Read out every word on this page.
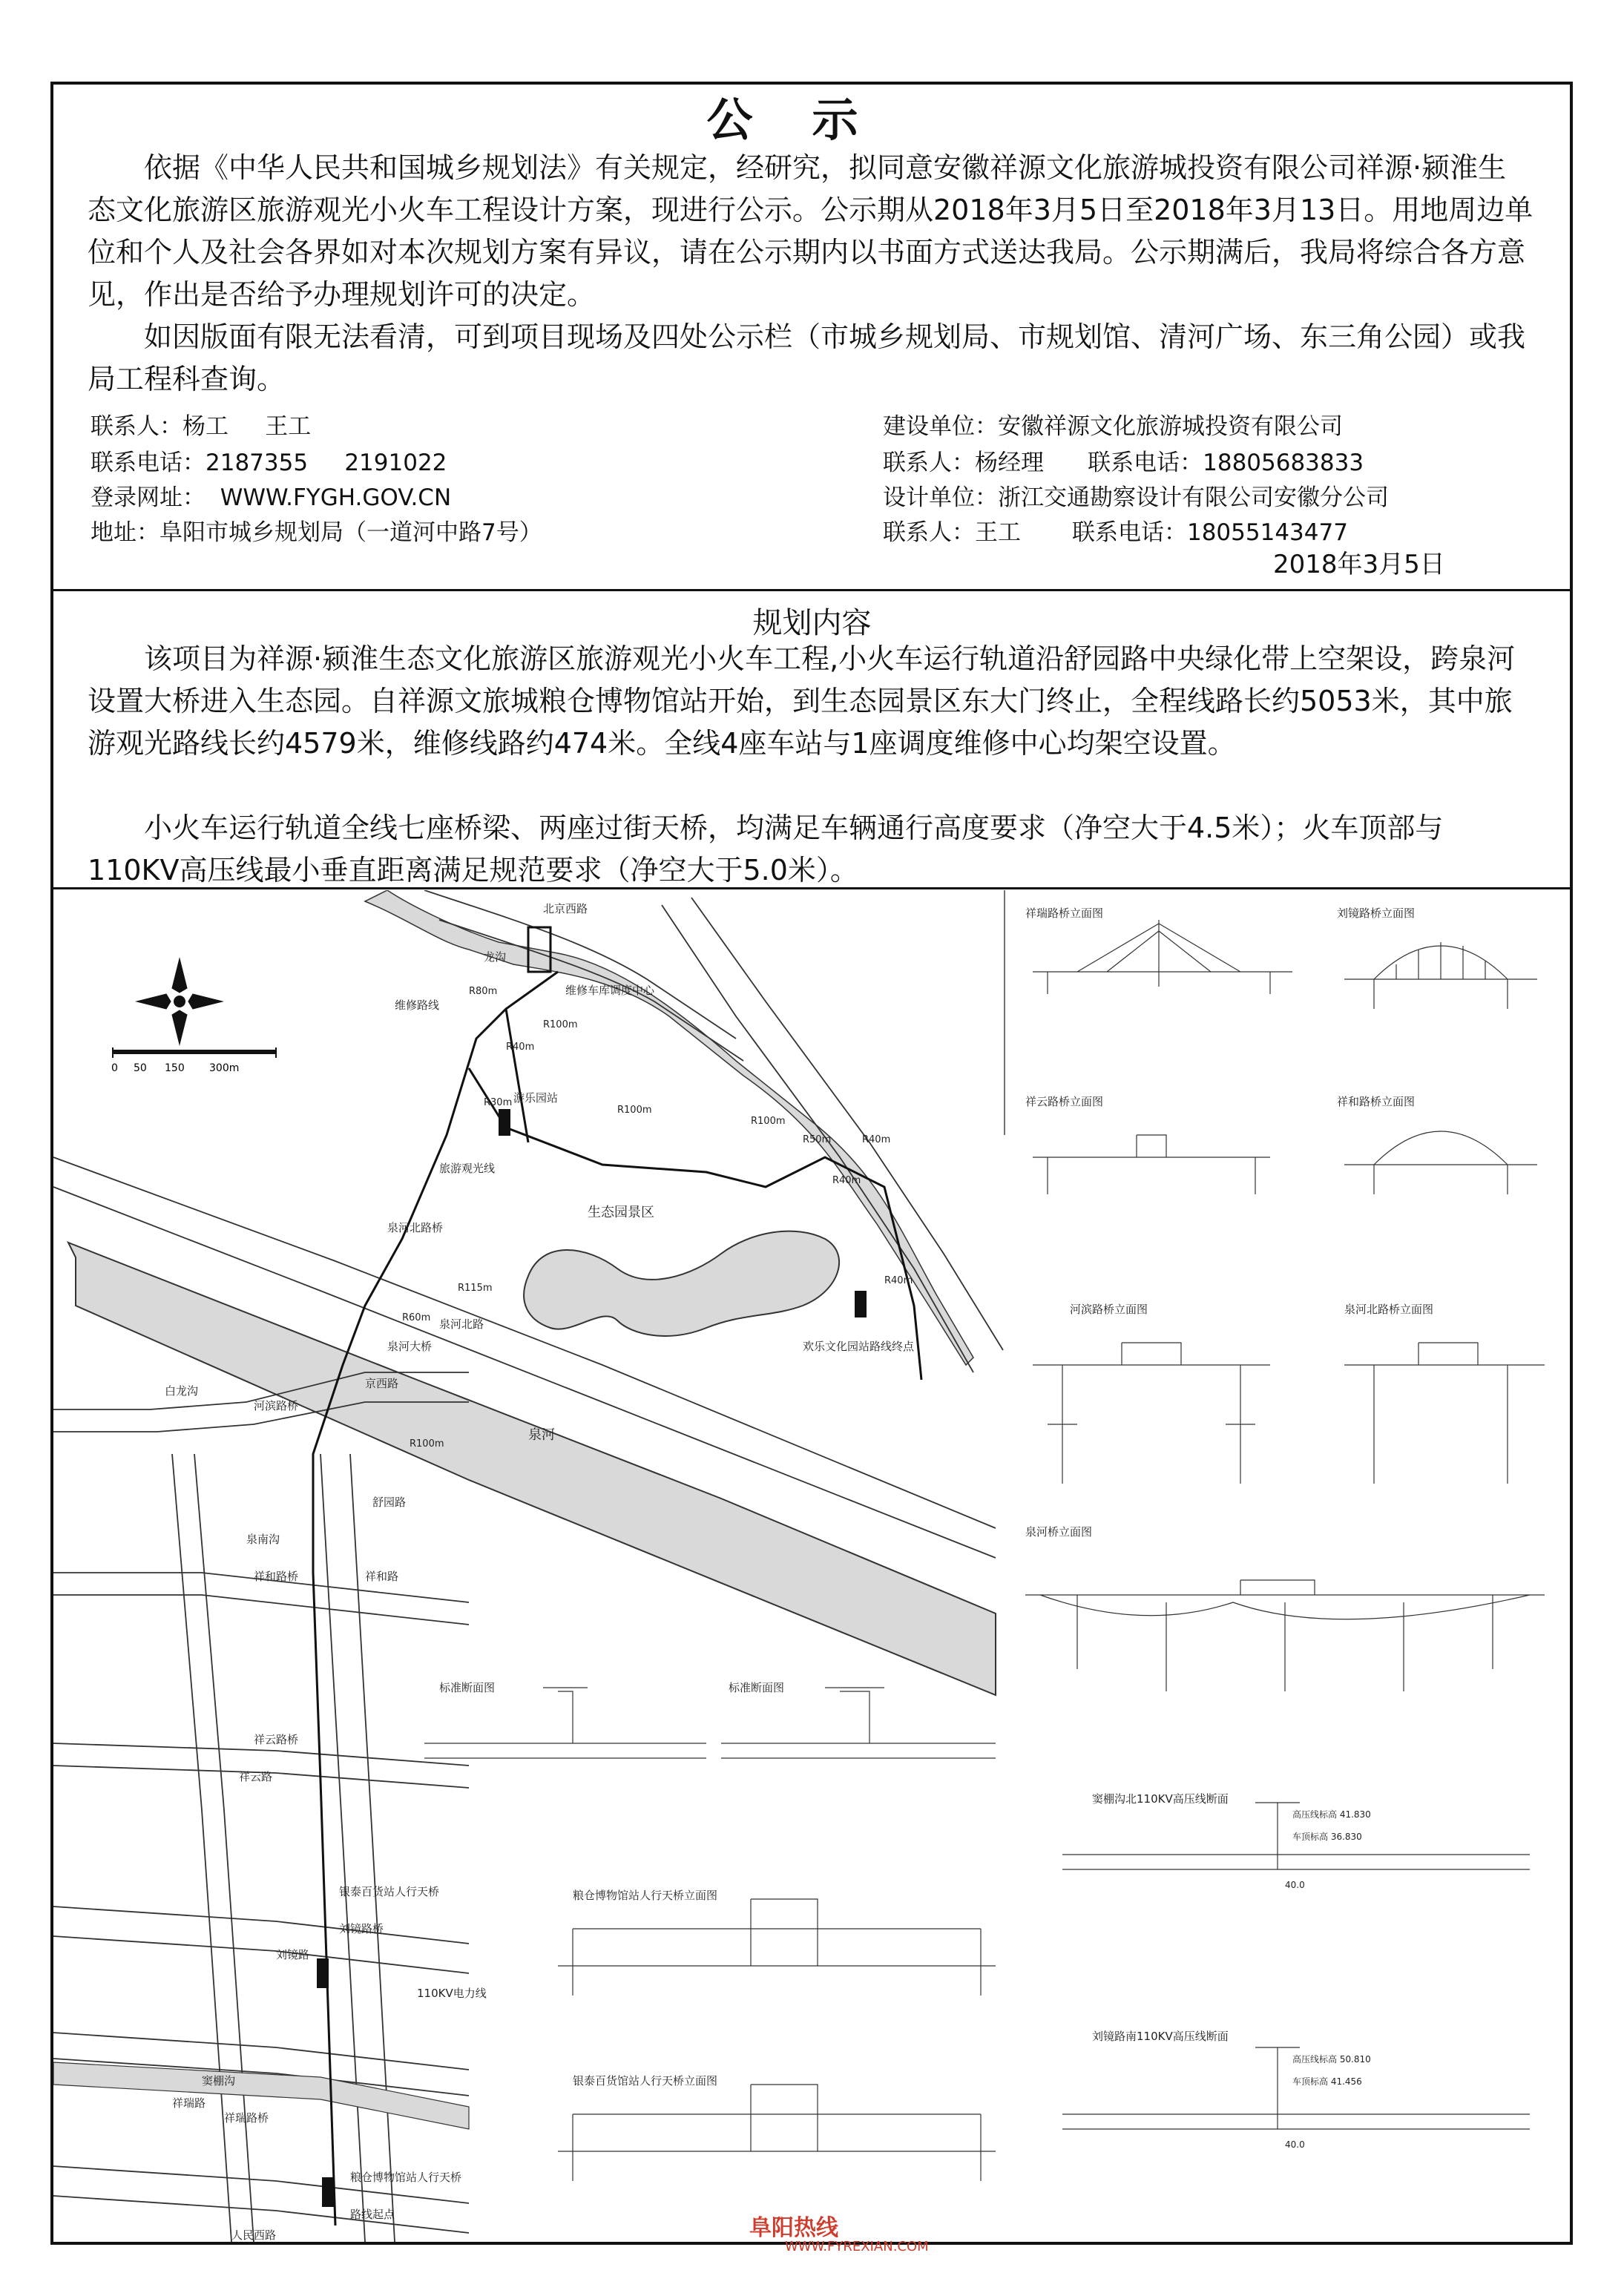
公示
依据《中华人民共和国城乡规划法》有关规定，经研究，拟同意安徽祥源文化旅游城投资有限公司祥源·颍淮生态文化旅游区旅游观光小火车工程设计方案，现进行公示。公示期从2018年3月5日至2018年3月13日。用地周边单位和个人及社会各界如对本次规划方案有异议，请在公示期内以书面方式送达我局。公示期满后，我局将综合各方意见，作出是否给予办理规划许可的决定。
如因版面有限无法看清，可到项目现场及四处公示栏（市城乡规划局、市规划馆、清河广场、东三角公园）或我局工程科查询。
联系人：杨工     王工
联系电话：2187355     2191022
登录网址：  WWW.FYGH.GOV.CN
地址：阜阳市城乡规划局（一道河中路7号）
建设单位：安徽祥源文化旅游城投资有限公司
联系人：杨经理      联系电话：18805683833
设计单位：浙江交通勘察设计有限公司安徽分公司
联系人：王工       联系电话：18055143477
2018年3月5日
规划内容
该项目为祥源·颍淮生态文化旅游区旅游观光小火车工程,小火车运行轨道沿舒园路中央绿化带上空架设，跨泉河设置大桥进入生态园。自祥源文旅城粮仓博物馆站开始，到生态园景区东大门终止，全程线路长约5053米，其中旅游观光路线长约4579米，维修线路约474米。全线4座车站与1座调度维修中心均架空设置。
小火车运行轨道全线七座桥梁、两座过街天桥，均满足车辆通行高度要求（净空大于4.5米）；火车顶部与110KV高压线最小垂直距离满足规范要求（净空大于5.0米）。
0 50 150 300m
龙沟
北京西路
维修路线
维修车库调度中心
游乐园站
旅游观光线
生态园景区
泉河北路桥
泉河大桥
泉河北路
泉河
欢乐文化园站路线终点
河滨路桥
白龙沟
京西路
舒园路
泉南沟
祥和路桥	祥和路
祥云路桥
祥云路
银泰百货站人行天桥
刘镜路桥
刘镜路
110KV电力线
窦棚沟
祥瑞路桥
祥瑞路
粮仓博物馆站人行天桥
路线起点
人民西路
R80m
R100m
R40m
R30m
R100m
R100m
R50m	R40m
R40m
R40m
R115m
R60m
R100m
祥瑞路桥立面图	刘镜路桥立面图
祥云路桥立面图	祥和路桥立面图
河滨路桥立面图	泉河北路桥立面图
泉河桥立面图
标准断面图	标准断面图
粮仓博物馆站人行天桥立面图
银泰百货馆站人行天桥立面图
窦棚沟北110KV高压线断面
高压线标高 41.830
车顶标高 36.830
刘镜路南110KV高压线断面
高压线标高 50.810
车顶标高 41.456
40.0
40.0
阜阳热线
WWW.FYREXIAN.COM
